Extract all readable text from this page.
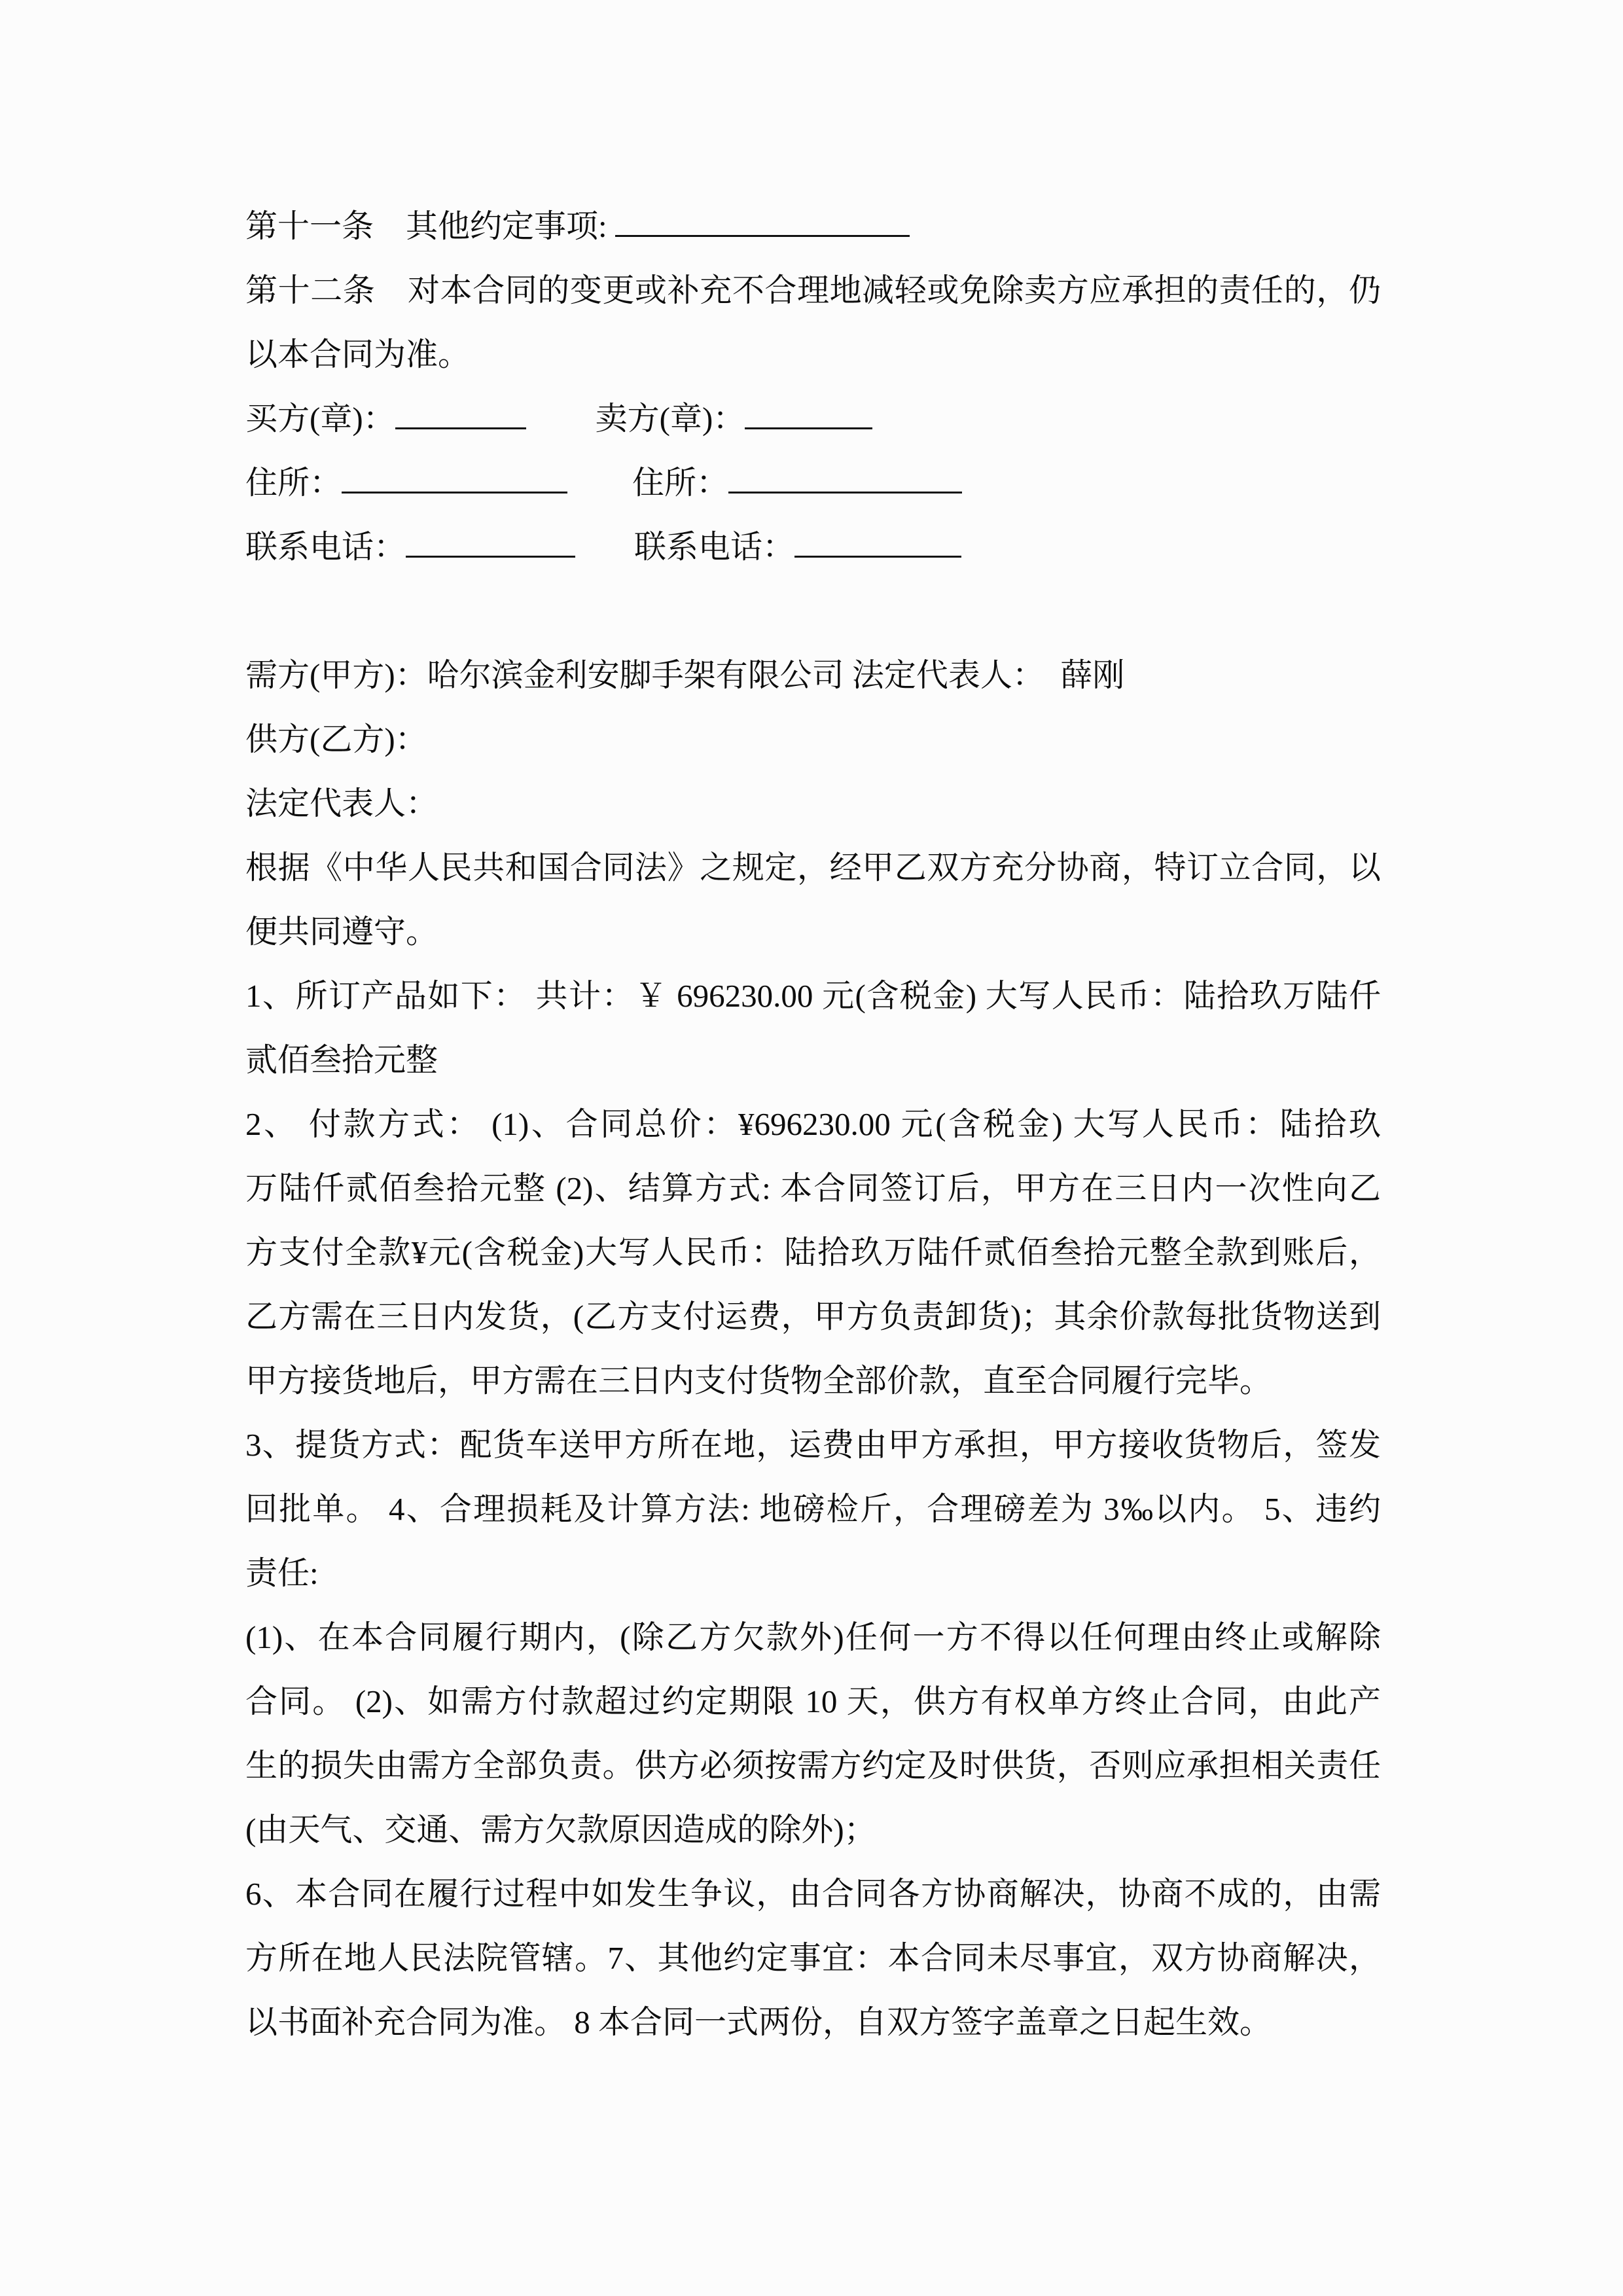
第十一条　其他约定事项:
第十二条　对本合同的变更或补充不合理地减轻或免除卖方应承担的责任的，仍
以本合同为准。
买方(章)：	卖方(章)：
住所：	住所：
联系电话：	联系电话：
需方(甲方)：哈尔滨金利安脚手架有限公司 法定代表人：　薛刚
供方(乙方)：
法定代表人：
根据《中华人民共和国合同法》之规定，经甲乙双方充分协商，特订立合同，以
便共同遵守。
1、所订产品如下： 共计：￥ 696230.00 元(含税金) 大写人民币：陆拾玖万陆仟
贰佰叁拾元整
2、 付款方式： (1)、合同总价：¥696230.00 元(含税金) 大写人民币：陆拾玖
万陆仟贰佰叁拾元整 (2)、结算方式: 本合同签订后，甲方在三日内一次性向乙
方支付全款¥元(含税金)大写人民币：陆拾玖万陆仟贰佰叁拾元整全款到账后，
乙方需在三日内发货，(乙方支付运费，甲方负责卸货)；其余价款每批货物送到
甲方接货地后，甲方需在三日内支付货物全部价款，直至合同履行完毕。
3、提货方式：配货车送甲方所在地，运费由甲方承担，甲方接收货物后，签发
回批单。 4、合理损耗及计算方法: 地磅检斤，合理磅差为 3‰以内。 5、违约
责任:
(1)、在本合同履行期内，(除乙方欠款外)任何一方不得以任何理由终止或解除
合同。 (2)、如需方付款超过约定期限 10 天，供方有权单方终止合同，由此产
生的损失由需方全部负责。供方必须按需方约定及时供货，否则应承担相关责任
(由天气、交通、需方欠款原因造成的除外)；
6、本合同在履行过程中如发生争议，由合同各方协商解决，协商不成的，由需
方所在地人民法院管辖。7、其他约定事宜：本合同未尽事宜，双方协商解决，
以书面补充合同为准。 8 本合同一式两份，自双方签字盖章之日起生效。
